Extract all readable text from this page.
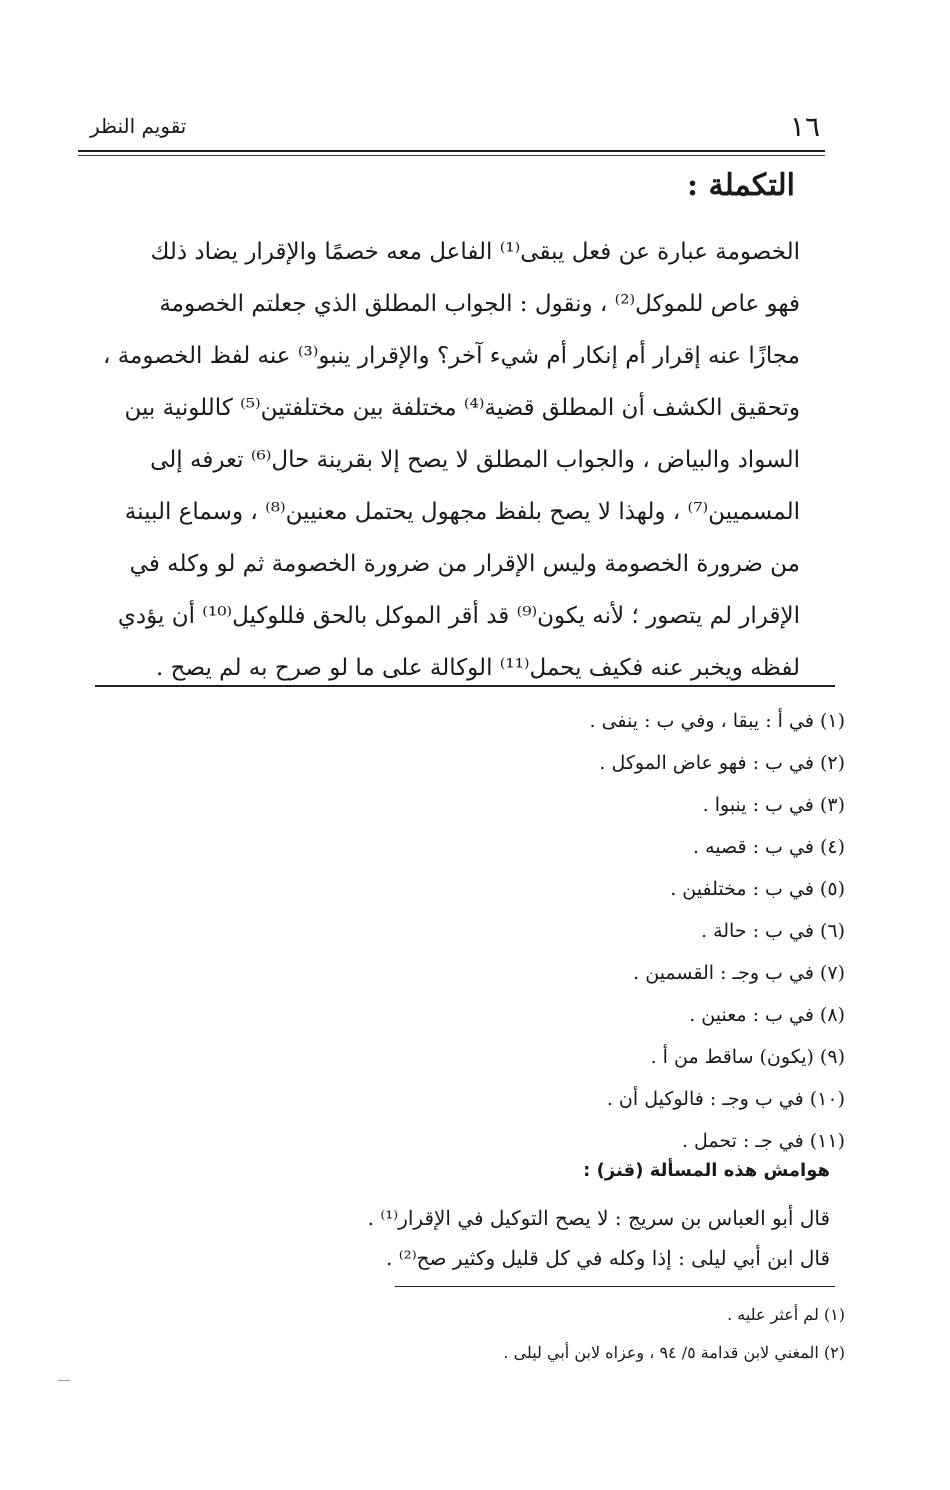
١٦
تقويم النظر
التكملة :
الخصومة عبارة عن فعل يبقى⁽¹⁾ الفاعل معه خصمًا والإقرار يضاد ذلك
فهو عاص للموكل⁽²⁾ ، ونقول : الجواب المطلق الذي جعلتم الخصومة
مجازًا عنه إقرار أم إنكار أم شيء آخر؟ والإقرار ينبو⁽³⁾ عنه لفظ الخصومة ،
وتحقيق الكشف أن المطلق قضية⁽⁴⁾ مختلفة بين مختلفتين⁽⁵⁾ كاللونية بين
السواد والبياض ، والجواب المطلق لا يصح إلا بقرينة حال⁽⁶⁾ تعرفه إلى
المسميين⁽⁷⁾ ، ولهذا لا يصح بلفظ مجهول يحتمل معنيين⁽⁸⁾ ، وسماع البينة
من ضرورة الخصومة وليس الإقرار من ضرورة الخصومة ثم لو وكله في
الإقرار لم يتصور ؛ لأنه يكون⁽⁹⁾ قد أقر الموكل بالحق فللوكيل⁽¹⁰⁾ أن يؤدي
لفظه ويخبر عنه فكيف يحمل⁽¹¹⁾ الوكالة على ما لو صرح به لم يصح .
(١) في أ : يبقا ، وفي ب : ينفى .
(٢) في ب : فهو عاض الموكل .
(٣) في ب : ينبوا .
(٤) في ب : قصيه .
(٥) في ب : مختلفين .
(٦) في ب : حالة .
(٧) في ب وجـ : القسمين .
(٨) في ب : معنين .
(٩) (يكون) ساقط من أ .
(١٠) في ب وجـ : فالوكيل أن .
(١١) في جـ : تحمل .
هوامش هذه المسألة (قنز) :
قال أبو العباس بن سريج : لا يصح التوكيل في الإقرار⁽¹⁾ .
قال ابن أبي ليلى : إذا وكله في كل قليل وكثير صح⁽²⁾ .
(١) لم أعثر عليه .
(٢) المغني لابن قدامة ٥/ ٩٤ ، وعزاه لابن أبي ليلى .
